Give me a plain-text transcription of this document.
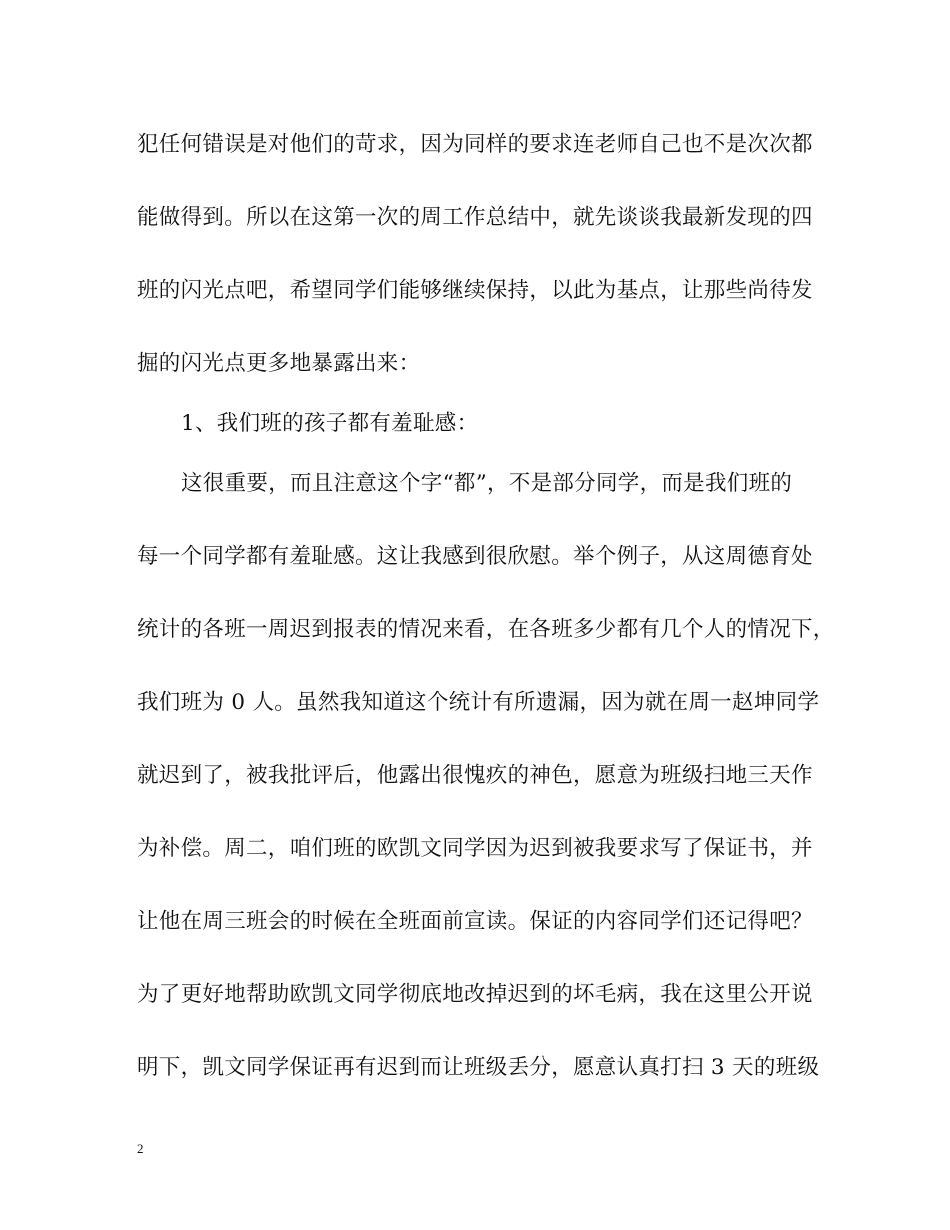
犯任何错误是对他们的苛求，因为同样的要求连老师自己也不是次次都
能做得到。所以在这第一次的周工作总结中，就先谈谈我最新发现的四
班的闪光点吧，希望同学们能够继续保持，以此为基点，让那些尚待发
掘的闪光点更多地暴露出来：
1、我们班的孩子都有羞耻感：
这很重要，而且注意这个字“都”，不是部分同学，而是我们班的
每一个同学都有羞耻感。这让我感到很欣慰。举个例子，从这周德育处
统计的各班一周迟到报表的情况来看，在各班多少都有几个人的情况下，
我们班为 0 人。虽然我知道这个统计有所遗漏，因为就在周一赵坤同学
就迟到了，被我批评后，他露出很愧疚的神色，愿意为班级扫地三天作
为补偿。周二，咱们班的欧凯文同学因为迟到被我要求写了保证书，并
让他在周三班会的时候在全班面前宣读。保证的内容同学们还记得吧？
为了更好地帮助欧凯文同学彻底地改掉迟到的坏毛病，我在这里公开说
明下，凯文同学保证再有迟到而让班级丢分，愿意认真打扫 3 天的班级
2
